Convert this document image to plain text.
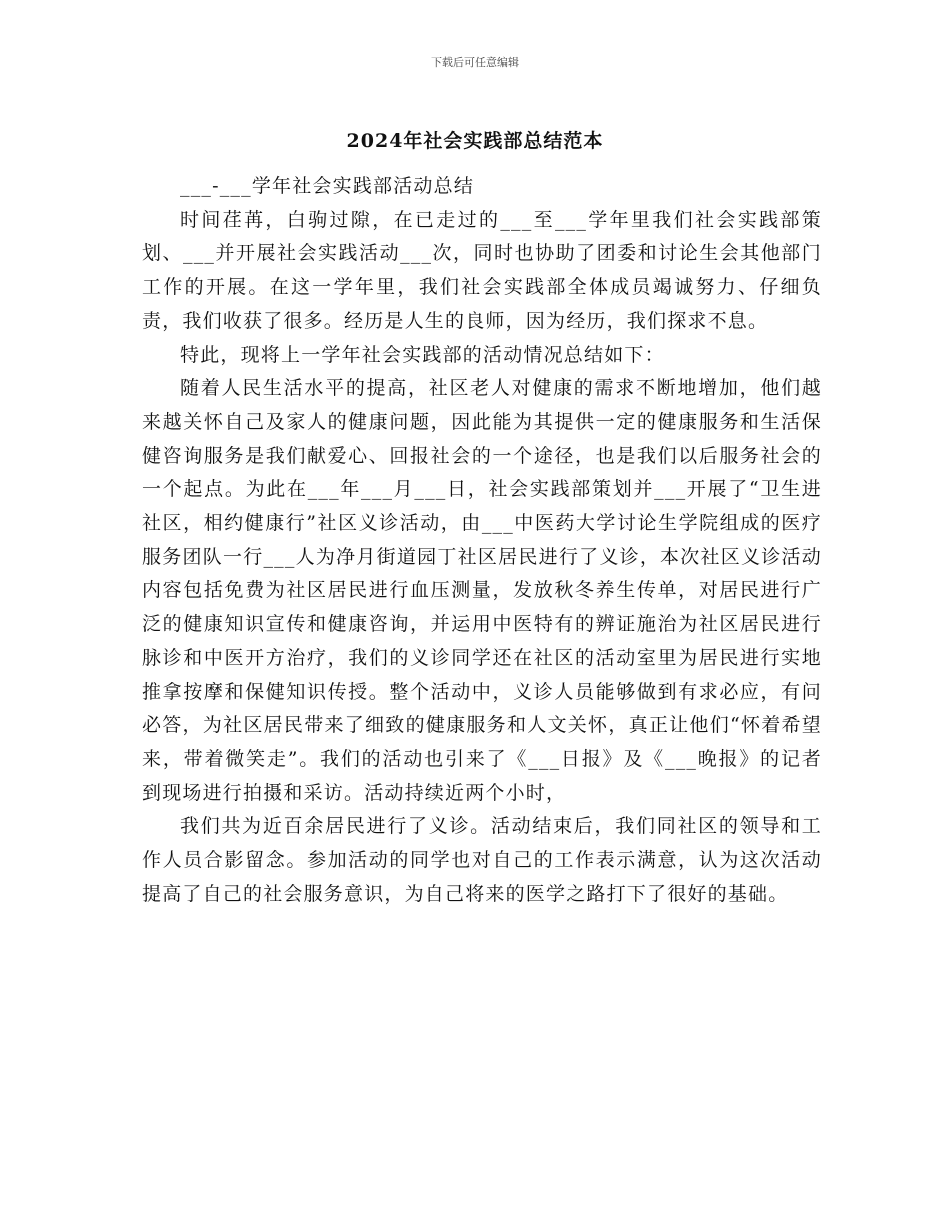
下载后可任意编辑
2024年社会实践部总结范本

___-___学年社会实践部活动总结

时间荏苒，白驹过隙，在已走过的___至___学年里我们社会实践部策划、___并开展社会实践活动___次，同时也协助了团委和讨论生会其他部门工作的开展。在这一学年里，我们社会实践部全体成员竭诚努力、仔细负责，我们收获了很多。经历是人生的良师，因为经历，我们探求不息。

特此，现将上一学年社会实践部的活动情况总结如下：

随着人民生活水平的提高，社区老人对健康的需求不断地增加，他们越来越关怀自己及家人的健康问题，因此能为其提供一定的健康服务和生活保健咨询服务是我们献爱心、回报社会的一个途径，也是我们以后服务社会的一个起点。为此在___年___月___日，社会实践部策划并___开展了“卫生进社区，相约健康行”社区义诊活动，由___中医药大学讨论生学院组成的医疗服务团队一行___人为净月街道园丁社区居民进行了义诊，本次社区义诊活动内容包括免费为社区居民进行血压测量，发放秋冬养生传单，对居民进行广泛的健康知识宣传和健康咨询，并运用中医特有的辨证施治为社区居民进行脉诊和中医开方治疗，我们的义诊同学还在社区的活动室里为居民进行实地推拿按摩和保健知识传授。整个活动中，义诊人员能够做到有求必应，有问必答，为社区居民带来了细致的健康服务和人文关怀，真正让他们“怀着希望来，带着微笑走”。我们的活动也引来了《___日报》及《___晚报》的记者到现场进行拍摄和采访。活动持续近两个小时，

我们共为近百余居民进行了义诊。活动结束后，我们同社区的领导和工作人员合影留念。参加活动的同学也对自己的工作表示满意，认为这次活动提高了自己的社会服务意识，为自己将来的医学之路打下了很好的基础。
